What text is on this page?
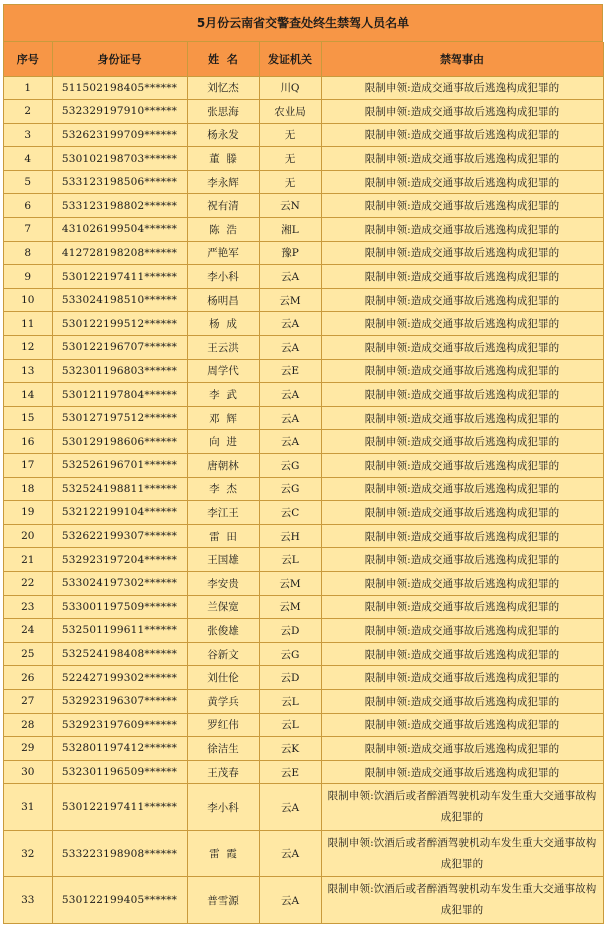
5月份云南省交警查处终生禁驾人员名单
序号	身份证号	姓  名	发证机关	禁驾事由
1	511502198405******	刘忆杰	川Q	限制申领:造成交通事故后逃逸构成犯罪的
2	532329197910******	张思海	农业局	限制申领:造成交通事故后逃逸构成犯罪的
3	532623199709******	杨永发	无	限制申领:造成交通事故后逃逸构成犯罪的
4	530102198703******	董  滕	无	限制申领:造成交通事故后逃逸构成犯罪的
5	533123198506******	李永辉	无	限制申领:造成交通事故后逃逸构成犯罪的
6	533123198802******	祝有清	云N	限制申领:造成交通事故后逃逸构成犯罪的
7	431026199504******	陈  浩	湘L	限制申领:造成交通事故后逃逸构成犯罪的
8	412728198208******	严艳军	豫P	限制申领:造成交通事故后逃逸构成犯罪的
9	530122197411******	李小科	云A	限制申领:造成交通事故后逃逸构成犯罪的
10	533024198510******	杨明昌	云M	限制申领:造成交通事故后逃逸构成犯罪的
11	530122199512******	杨  成	云A	限制申领:造成交通事故后逃逸构成犯罪的
12	530122196707******	王云洪	云A	限制申领:造成交通事故后逃逸构成犯罪的
13	532301196803******	周学代	云E	限制申领:造成交通事故后逃逸构成犯罪的
14	530121197804******	李  武	云A	限制申领:造成交通事故后逃逸构成犯罪的
15	530127197512******	邓  辉	云A	限制申领:造成交通事故后逃逸构成犯罪的
16	530129198606******	向  进	云A	限制申领:造成交通事故后逃逸构成犯罪的
17	532526196701******	唐朝林	云G	限制申领:造成交通事故后逃逸构成犯罪的
18	532524198811******	李  杰	云G	限制申领:造成交通事故后逃逸构成犯罪的
19	532122199104******	李江王	云C	限制申领:造成交通事故后逃逸构成犯罪的
20	532622199307******	雷  田	云H	限制申领:造成交通事故后逃逸构成犯罪的
21	532923197204******	王国雄	云L	限制申领:造成交通事故后逃逸构成犯罪的
22	533024197302******	李安贵	云M	限制申领:造成交通事故后逃逸构成犯罪的
23	533001197509******	兰保宽	云M	限制申领:造成交通事故后逃逸构成犯罪的
24	532501199611******	张俊雄	云D	限制申领:造成交通事故后逃逸构成犯罪的
25	532524198408******	谷新文	云G	限制申领:造成交通事故后逃逸构成犯罪的
26	522427199302******	刘仕伦	云D	限制申领:造成交通事故后逃逸构成犯罪的
27	532923196307******	黄学兵	云L	限制申领:造成交通事故后逃逸构成犯罪的
28	532923197609******	罗红伟	云L	限制申领:造成交通事故后逃逸构成犯罪的
29	532801197412******	徐洁生	云K	限制申领:造成交通事故后逃逸构成犯罪的
30	532301196509******	王茂春	云E	限制申领:造成交通事故后逃逸构成犯罪的
31	530122197411******	李小科	云A	限制申领:饮酒后或者醉酒驾驶机动车发生重大交通事故构成犯罪的
32	533223198908******	雷  霞	云A	限制申领:饮酒后或者醉酒驾驶机动车发生重大交通事故构成犯罪的
33	530122199405******	普雪源	云A	限制申领:饮酒后或者醉酒驾驶机动车发生重大交通事故构成犯罪的
